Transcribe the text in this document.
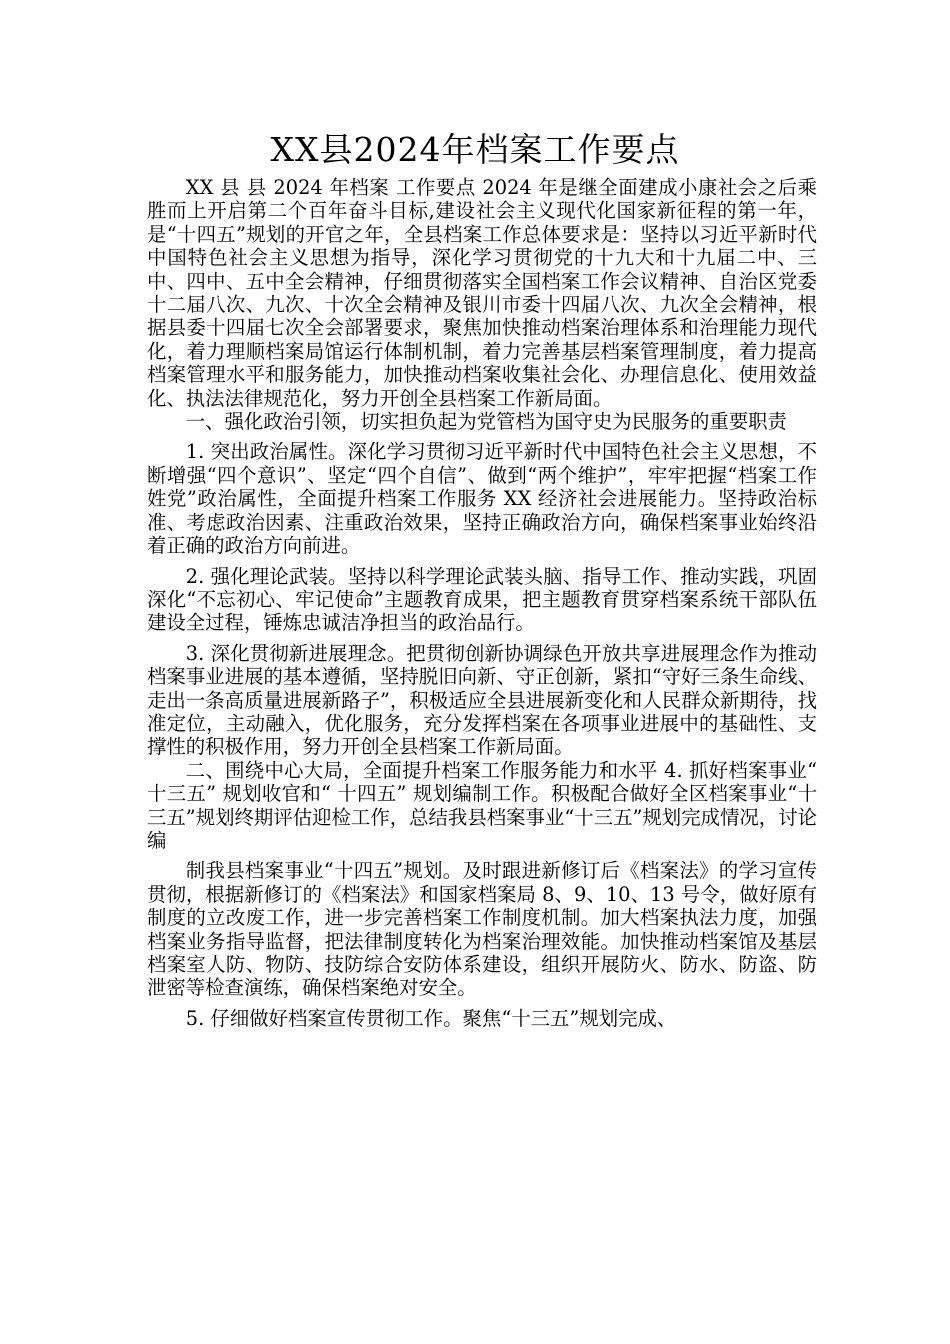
XX县2024年档案工作要点

XX 县 县 2024 年档案 工作要点 2024 年是继全面建成小康社会之后乘胜而上开启第二个百年奋斗目标,建设社会主义现代化国家新征程的第一年，是“十四五”规划的开官之年，全县档案工作总体要求是：坚持以习近平新时代中国特色社会主义思想为指导，深化学习贯彻党的十九大和十九届二中、三中、四中、五中全会精神，仔细贯彻落实全国档案工作会议精神、自治区党委十二届八次、九次、十次全会精神及银川市委十四届八次、九次全会精神，根据县委十四届七次全会部署要求，聚焦加快推动档案治理体系和治理能力现代化，着力理顺档案局馆运行体制机制，着力完善基层档案管理制度，着力提高档案管理水平和服务能力，加快推动档案收集社会化、办理信息化、使用效益化、执法法律规范化，努力开创全县档案工作新局面。

一、强化政治引领，切实担负起为党管档为国守史为民服务的重要职责

1. 突出政治属性。深化学习贯彻习近平新时代中国特色社会主义思想，不断增强“四个意识”、坚定“四个自信”、做到“两个维护”，牢牢把握“档案工作姓党”政治属性，全面提升档案工作服务 XX 经济社会进展能力。坚持政治标准、考虑政治因素、注重政治效果，坚持正确政治方向，确保档案事业始终沿着正确的政治方向前进。

2. 强化理论武装。坚持以科学理论武装头脑、指导工作、推动实践，巩固深化“不忘初心、牢记使命”主题教育成果，把主题教育贯穿档案系统干部队伍建设全过程，锤炼忠诚洁净担当的政治品行。

3. 深化贯彻新进展理念。把贯彻创新协调绿色开放共享进展理念作为推动档案事业进展的基本遵循，坚持脱旧向新、守正创新，紧扣“守好三条生命线、走出一条高质量进展新路子”，积极适应全县进展新变化和人民群众新期待，找准定位，主动融入，优化服务，充分发挥档案在各项事业进展中的基础性、支撑性的积极作用，努力开创全县档案工作新局面。

二、围绕中心大局，全面提升档案工作服务能力和水平 4. 抓好档案事业“ 十三五” 规划收官和“ 十四五” 规划编制工作。积极配合做好全区档案事业“十三五”规划终期评估迎检工作，总结我县档案事业“十三五”规划完成情况，讨论编

制我县档案事业“十四五”规划。及时跟进新修订后《档案法》的学习宣传贯彻，根据新修订的《档案法》和国家档案局 8、9、10、13 号令，做好原有制度的立改废工作，进一步完善档案工作制度机制。加大档案执法力度，加强档案业务指导监督，把法律制度转化为档案治理效能。加快推动档案馆及基层档案室人防、物防、技防综合安防体系建设，组织开展防火、防水、防盗、防泄密等检查演练，确保档案绝对安全。

5. 仔细做好档案宣传贯彻工作。聚焦“十三五”规划完成、
